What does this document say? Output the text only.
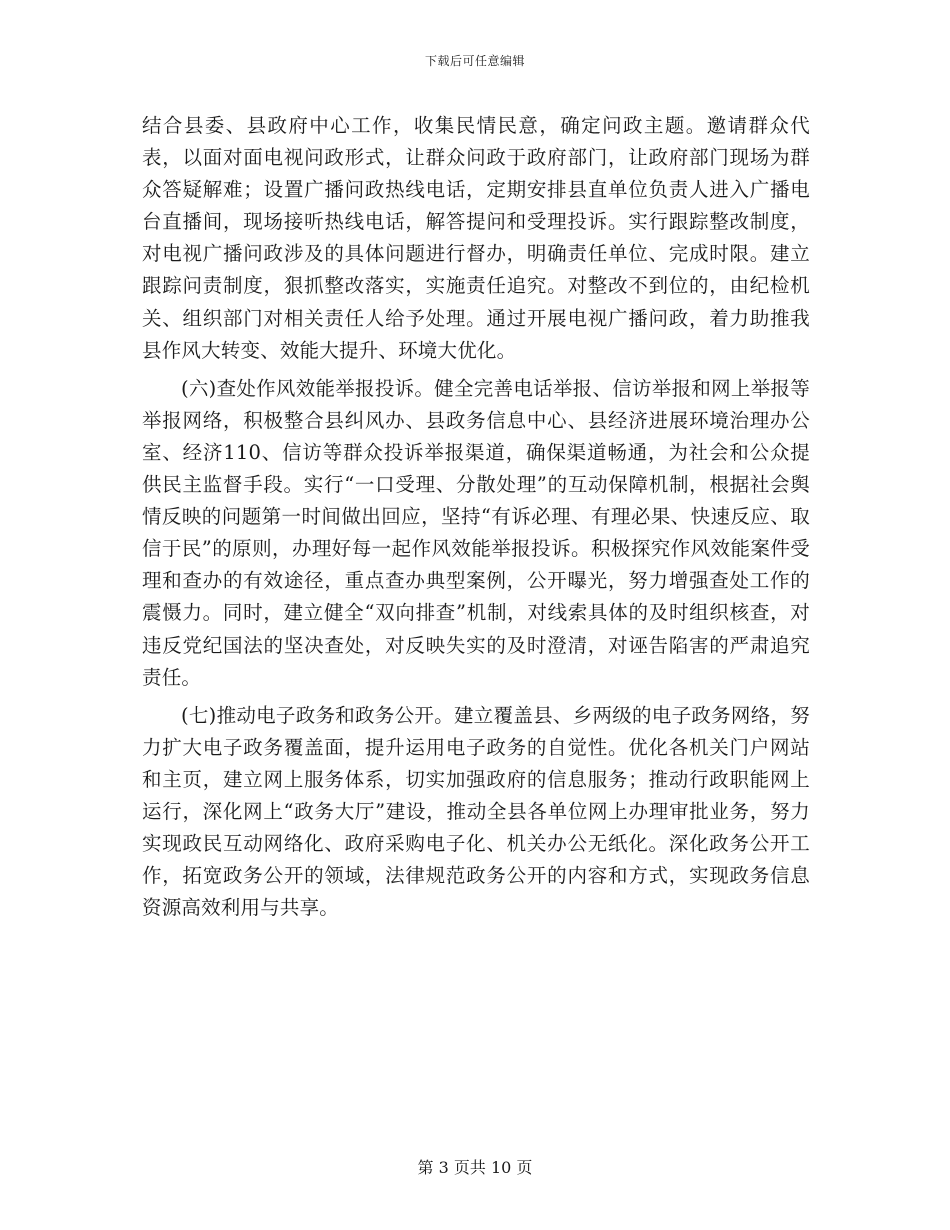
下载后可任意编辑

结合县委、县政府中心工作，收集民情民意，确定问政主题。邀请群众代表，以面对面电视问政形式，让群众问政于政府部门，让政府部门现场为群众答疑解难；设置广播问政热线电话，定期安排县直单位负责人进入广播电台直播间，现场接听热线电话，解答提问和受理投诉。实行跟踪整改制度，对电视广播问政涉及的具体问题进行督办，明确责任单位、完成时限。建立跟踪问责制度，狠抓整改落实，实施责任追究。对整改不到位的，由纪检机关、组织部门对相关责任人给予处理。通过开展电视广播问政，着力助推我县作风大转变、效能大提升、环境大优化。

(六)查处作风效能举报投诉。健全完善电话举报、信访举报和网上举报等举报网络，积极整合县纠风办、县政务信息中心、县经济进展环境治理办公室、经济110、信访等群众投诉举报渠道，确保渠道畅通，为社会和公众提供民主监督手段。实行“一口受理、分散处理”的互动保障机制，根据社会舆情反映的问题第一时间做出回应，坚持“有诉必理、有理必果、快速反应、取信于民”的原则，办理好每一起作风效能举报投诉。积极探究作风效能案件受理和查办的有效途径，重点查办典型案例，公开曝光，努力增强查处工作的震慑力。同时，建立健全“双向排查”机制，对线索具体的及时组织核查，对违反党纪国法的坚决查处，对反映失实的及时澄清，对诬告陷害的严肃追究责任。

(七)推动电子政务和政务公开。建立覆盖县、乡两级的电子政务网络，努力扩大电子政务覆盖面，提升运用电子政务的自觉性。优化各机关门户网站和主页，建立网上服务体系，切实加强政府的信息服务；推动行政职能网上运行，深化网上“政务大厅”建设，推动全县各单位网上办理审批业务，努力实现政民互动网络化、政府采购电子化、机关办公无纸化。深化政务公开工作，拓宽政务公开的领域，法律规范政务公开的内容和方式，实现政务信息资源高效利用与共享。

第 3 页共 10 页
